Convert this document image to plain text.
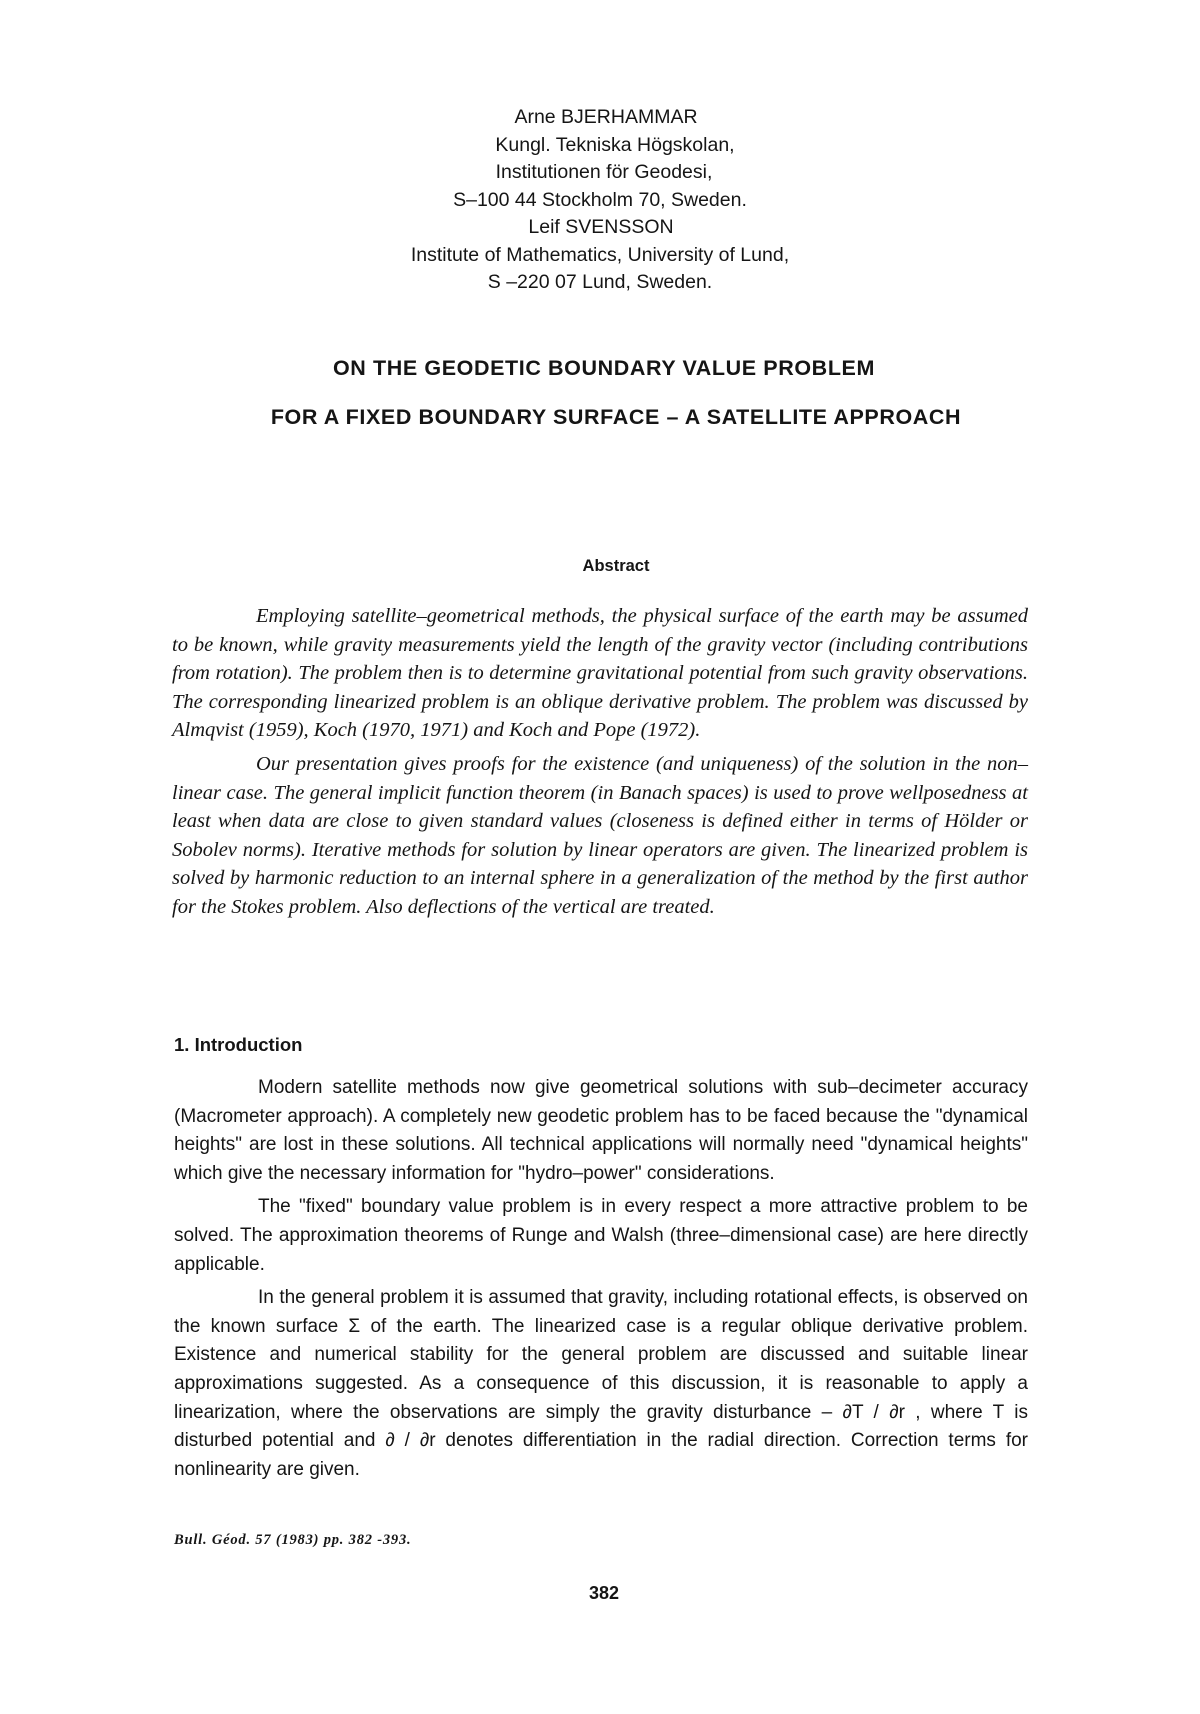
Arne BJERHAMMAR
Kungl. Tekniska Högskolan,
Institutionen för Geodesi,
S–100 44 Stockholm 70, Sweden.
Leif SVENSSON
Institute of Mathematics, University of Lund,
S –220 07 Lund, Sweden.
ON THE GEODETIC BOUNDARY VALUE PROBLEM
FOR A FIXED BOUNDARY SURFACE – A SATELLITE APPROACH
Abstract

Employing satellite–geometrical methods, the physical surface of the earth may be assumed to be known, while gravity measurements yield the length of the gravity vector (including contributions from rotation). The problem then is to determine gravitational potential from such gravity observations. The corresponding linearized problem is an oblique derivative problem. The problem was discussed by Almqvist (1959), Koch (1970, 1971) and Koch and Pope (1972).

Our presentation gives proofs for the existence (and uniqueness) of the solution in the non–linear case. The general implicit function theorem (in Banach spaces) is used to prove wellposedness at least when data are close to given standard values (closeness is defined either in terms of Hölder or Sobolev norms). Iterative methods for solution by linear operators are given. The linearized problem is solved by harmonic reduction to an internal sphere in a generalization of the method by the first author for the Stokes problem. Also deflections of the vertical are treated.

1. Introduction

Modern satellite methods now give geometrical solutions with sub–decimeter accuracy (Macrometer approach). A completely new geodetic problem has to be faced because the "dynamical heights" are lost in these solutions. All technical applications will normally need "dynamical heights" which give the necessary information for "hydro–power" considerations.

The "fixed" boundary value problem is in every respect a more attractive problem to be solved. The approximation theorems of Runge and Walsh (three–dimensional case) are here directly applicable.

In the general problem it is assumed that gravity, including rotational effects, is observed on the known surface Σ of the earth. The linearized case is a regular oblique derivative problem. Existence and numerical stability for the general problem are discussed and suitable linear approximations suggested. As a consequence of this discussion, it is reasonable to apply a linearization, where the observations are simply the gravity disturbance – ∂T / ∂r , where T is disturbed potential and ∂ / ∂r denotes differentiation in the radial direction. Correction terms for nonlinearity are given.

Bull. Géod. 57 (1983) pp. 382 -393.
382
